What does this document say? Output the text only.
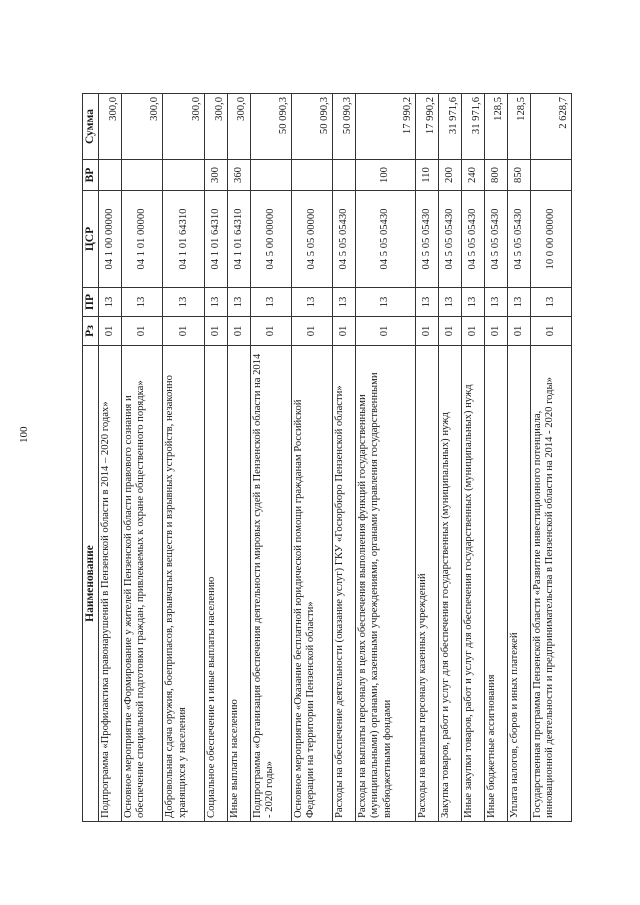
100
Наименование	Рз	ПР	ЦСР	ВР	Сумма
Подпрограмма «Профилактика правонарушений в Пензенской области в 2014 – 2020 годах»	01	13	04 1 00 00000		300,0
Основное мероприятие «Формирование у жителей Пензенской области правового сознания и обеспечение специальной подготовки граждан, привлекаемых к охране общественного порядка»	01	13	04 1 01 00000		300,0
Добровольная сдача оружия, боеприпасов, взрывчатых веществ и взрывных устройств, незаконно хранящихся у населения	01	13	04 1 01 64310		300,0
Социальное обеспечение и иные выплаты населению	01	13	04 1 01 64310	300	300,0
Иные выплаты населению	01	13	04 1 01 64310	360	300,0
Подпрограмма «Организация обеспечения деятельности мировых судей в Пензенской области на 2014 - 2020 годы»	01	13	04 5 00 00000		50 090,3
Основное мероприятие «Оказание бесплатной юридической помощи гражданам Российской Федерации на территории Пензенской области»	01	13	04 5 05 00000		50 090,3
Расходы на обеспечение деятельности (оказание услуг) ГКУ «Госюрбюро Пензенской области»	01	13	04 5 05 05430		50 090,3
Расходы на выплаты персоналу в целях обеспечения выполнения функций государственными (муниципальными) органами, казенными учреждениями, органами управления государственными внебюджетными фондами	01	13	04 5 05 05430	100	17 990,2
Расходы на выплаты персоналу казенных учреждений	01	13	04 5 05 05430	110	17 990,2
Закупка товаров, работ и услуг для обеспечения государственных (муниципальных) нужд	01	13	04 5 05 05430	200	31 971,6
Иные закупки товаров, работ и услуг для обеспечения государственных (муниципальных) нужд	01	13	04 5 05 05430	240	31 971,6
Иные бюджетные ассигнования	01	13	04 5 05 05430	800	128,5
Уплата налогов, сборов и иных платежей	01	13	04 5 05 05430	850	128,5
Государственная программа Пензенской области «Развитие инвестиционного потенциала, инновационной деятельности и предпринимательства в Пензенской области на 2014 - 2020 годы»	01	13	10 0 00 00000		2 628,7
